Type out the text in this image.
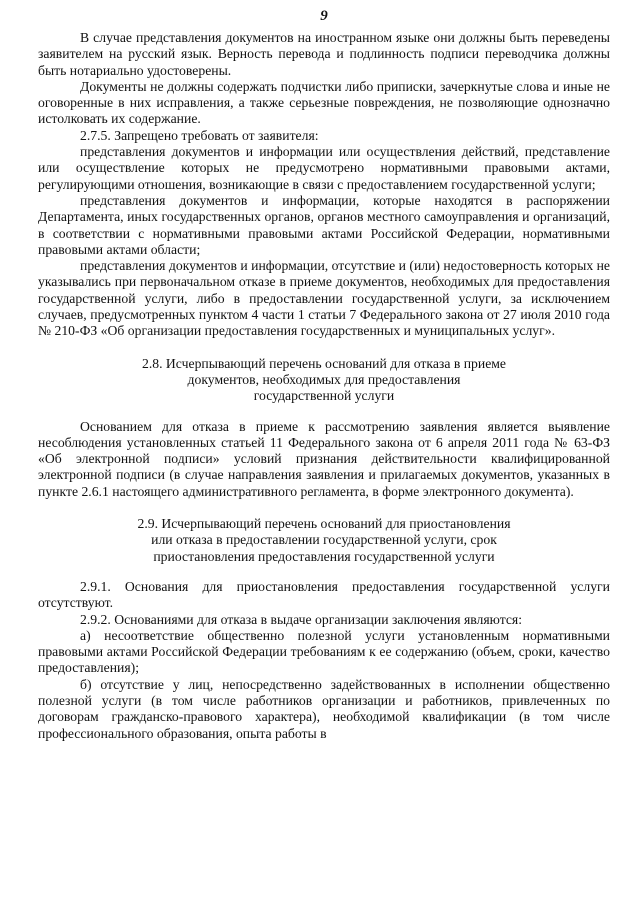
9

В случае представления документов на иностранном языке они должны быть переведены заявителем на русский язык. Верность перевода и подлинность подписи переводчика должны быть нотариально удостоверены.

Документы не должны содержать подчистки либо приписки, зачеркнутые слова и иные не оговоренные в них исправления, а также серьезные повреждения, не позволяющие однозначно истолковать их содержание.

2.7.5. Запрещено требовать от заявителя:

представления документов и информации или осуществления действий, представление или осуществление которых не предусмотрено нормативными правовыми актами, регулирующими отношения, возникающие в связи с предоставлением государственной услуги;

представления документов и информации, которые находятся в распоряжении Департамента, иных государственных органов, органов местного самоуправления и организаций, в соответствии с нормативными правовыми актами Российской Федерации, нормативными правовыми актами области;

представления документов и информации, отсутствие и (или) недостоверность которых не указывались при первоначальном отказе в приеме документов, необходимых для предоставления государственной услуги, либо в предоставлении государственной услуги, за исключением случаев, предусмотренных пунктом 4 части 1 статьи 7 Федерального закона от 27 июля 2010 года № 210-ФЗ «Об организации предоставления государственных и муниципальных услуг».

2.8. Исчерпывающий перечень оснований для отказа в приеме
документов, необходимых для предоставления
государственной услуги

Основанием для отказа в приеме к рассмотрению заявления является выявление несоблюдения установленных статьей 11 Федерального закона от 6 апреля 2011 года № 63-ФЗ «Об электронной подписи» условий признания действительности квалифицированной электронной подписи (в случае направления заявления и прилагаемых документов, указанных в пункте 2.6.1 настоящего административного регламента, в форме электронного документа).

2.9. Исчерпывающий перечень оснований для приостановления
или отказа в предоставлении государственной услуги, срок
приостановления предоставления государственной услуги

2.9.1. Основания для приостановления предоставления государственной услуги отсутствуют.

2.9.2. Основаниями для отказа в выдаче организации заключения являются:

а) несоответствие общественно полезной услуги установленным нормативными правовыми актами Российской Федерации требованиям к ее содержанию (объем, сроки, качество предоставления);

б) отсутствие у лиц, непосредственно задействованных в исполнении общественно полезной услуги (в том числе работников организации и работников, привлеченных по договорам гражданско-правового характера), необходимой квалификации (в том числе профессионального образования, опыта работы в
